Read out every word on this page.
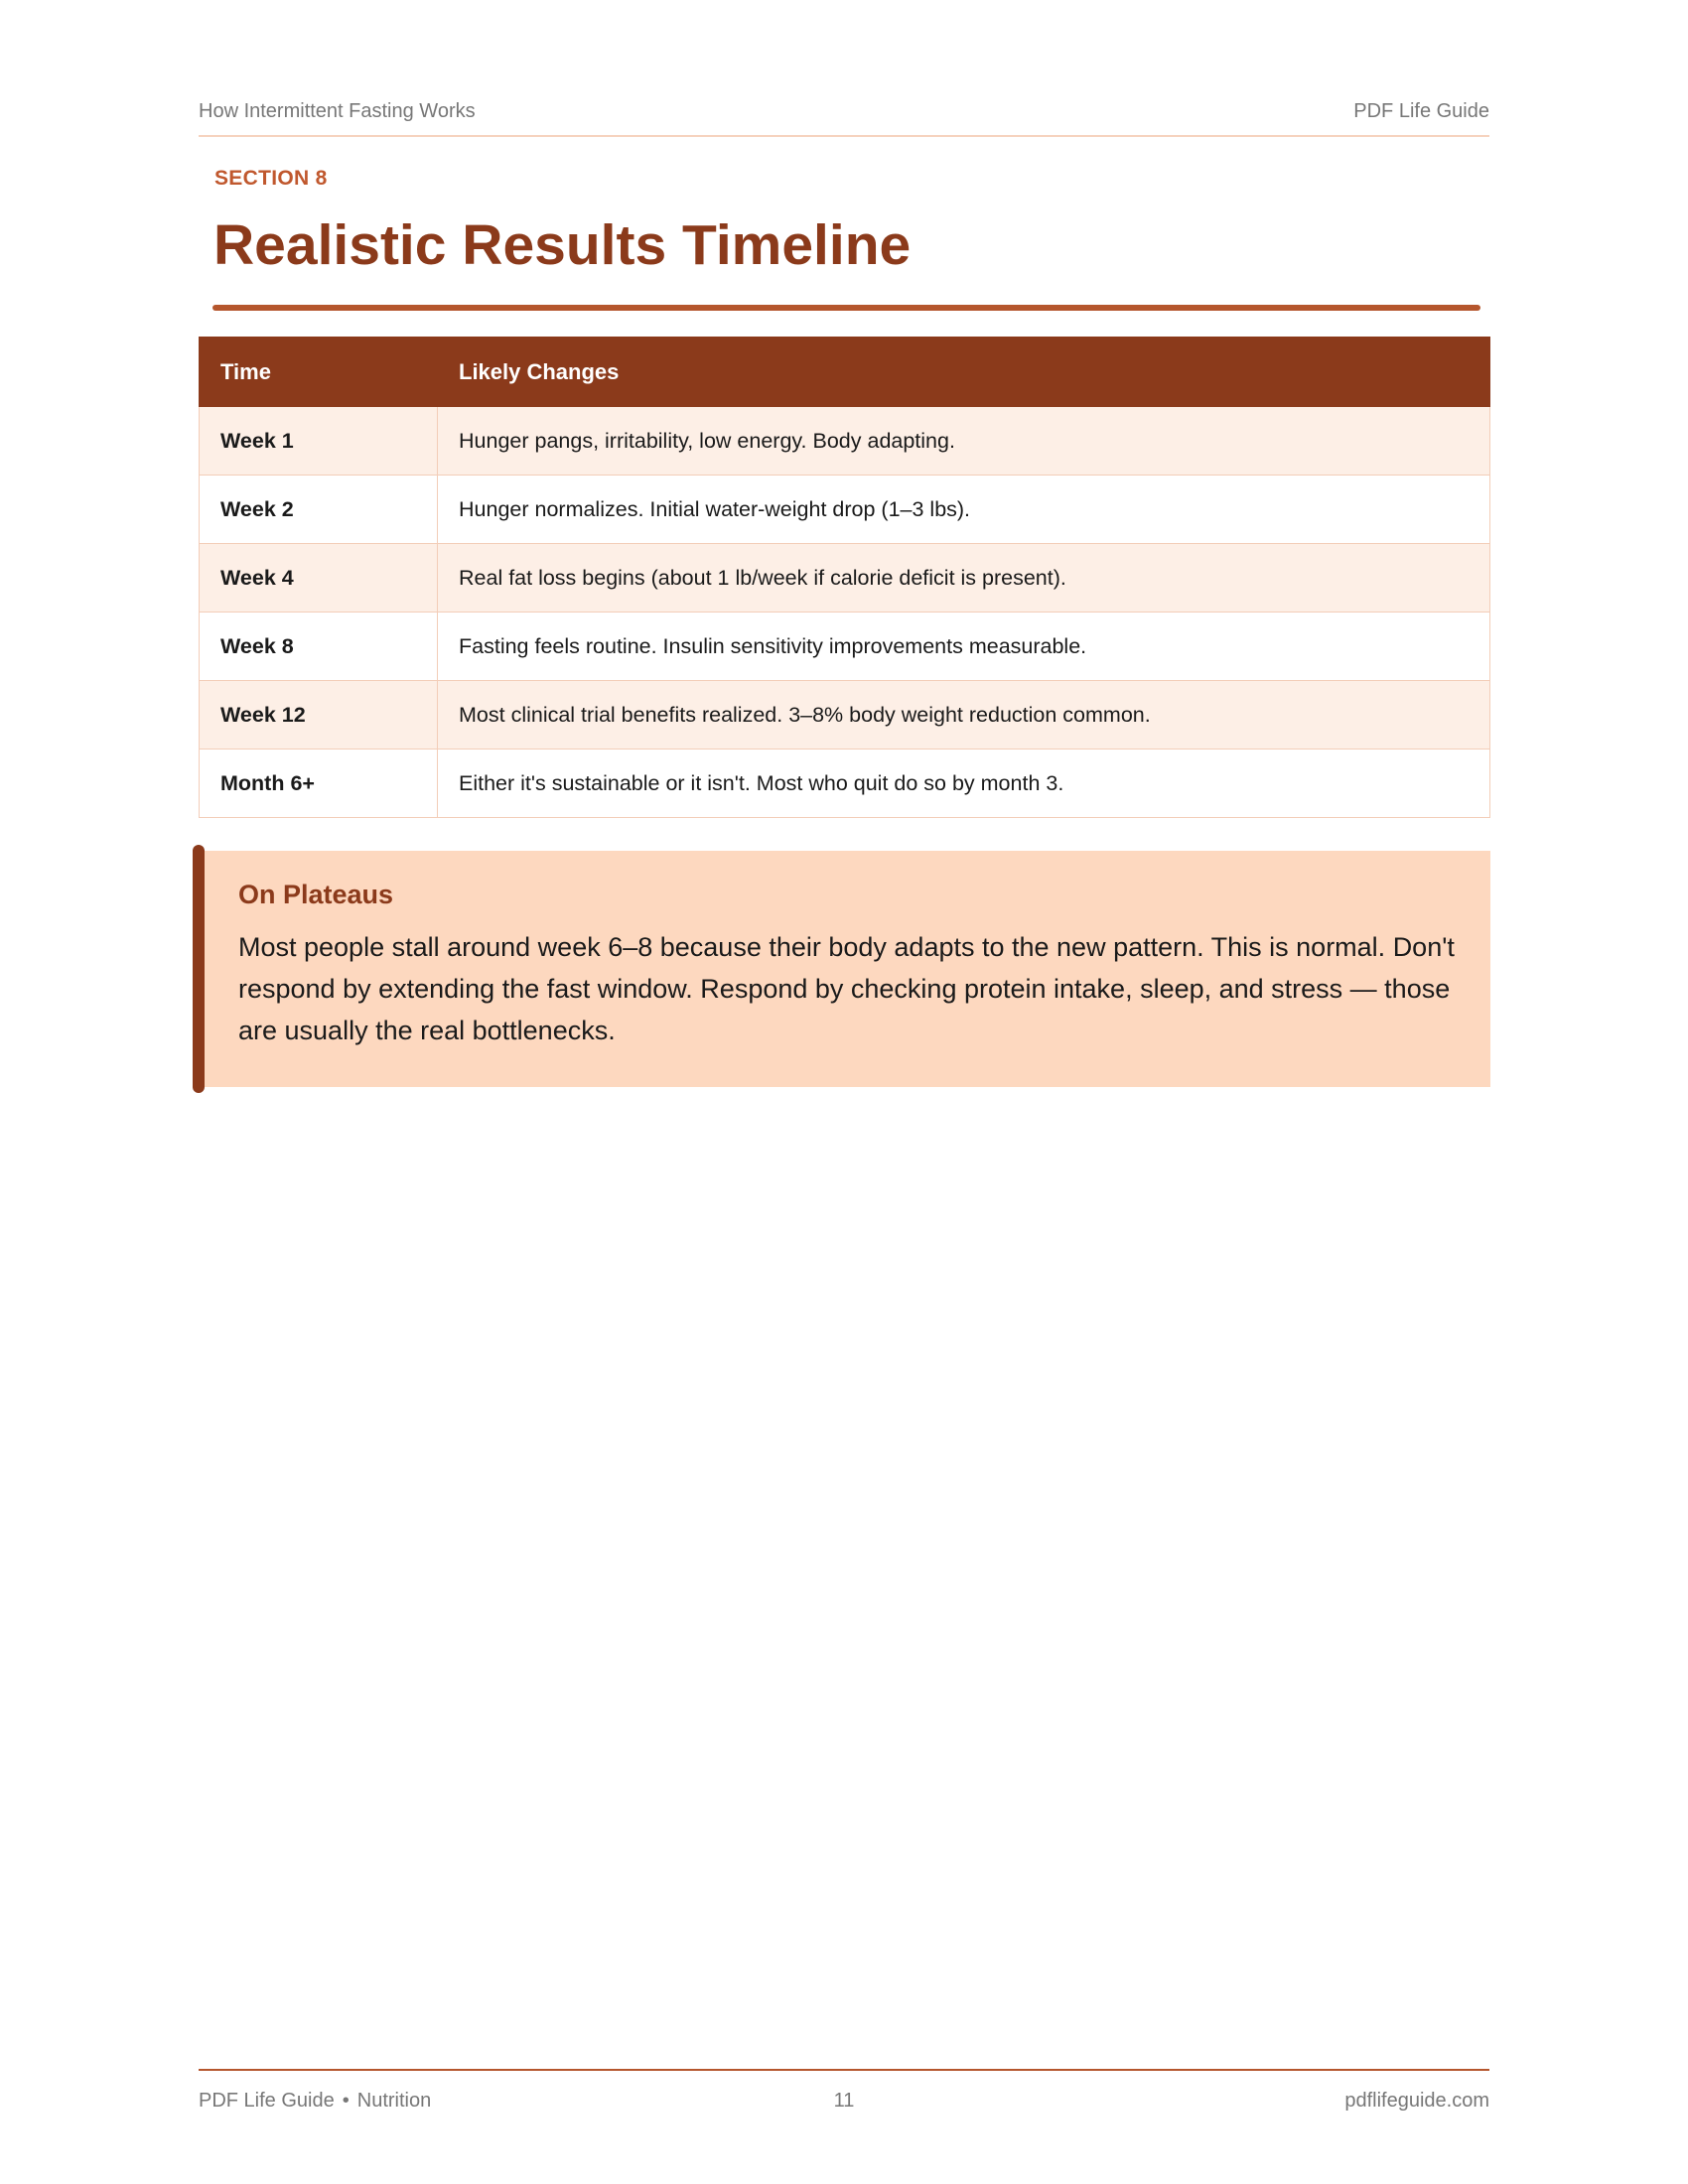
How Intermittent Fasting Works	PDF Life Guide
SECTION 8
Realistic Results Timeline
Time	Likely Changes
Week 1	Hunger pangs, irritability, low energy. Body adapting.
Week 2	Hunger normalizes. Initial water-weight drop (1–3 lbs).
Week 4	Real fat loss begins (about 1 lb/week if calorie deficit is present).
Week 8	Fasting feels routine. Insulin sensitivity improvements measurable.
Week 12	Most clinical trial benefits realized. 3–8% body weight reduction common.
Month 6+	Either it's sustainable or it isn't. Most who quit do so by month 3.
On Plateaus

Most people stall around week 6–8 because their body adapts to the new pattern. This is normal. Don't respond by extending the fast window. Respond by checking protein intake, sleep, and stress — those are usually the real bottlenecks.

PDF Life Guide • Nutrition	11	pdflifeguide.com
